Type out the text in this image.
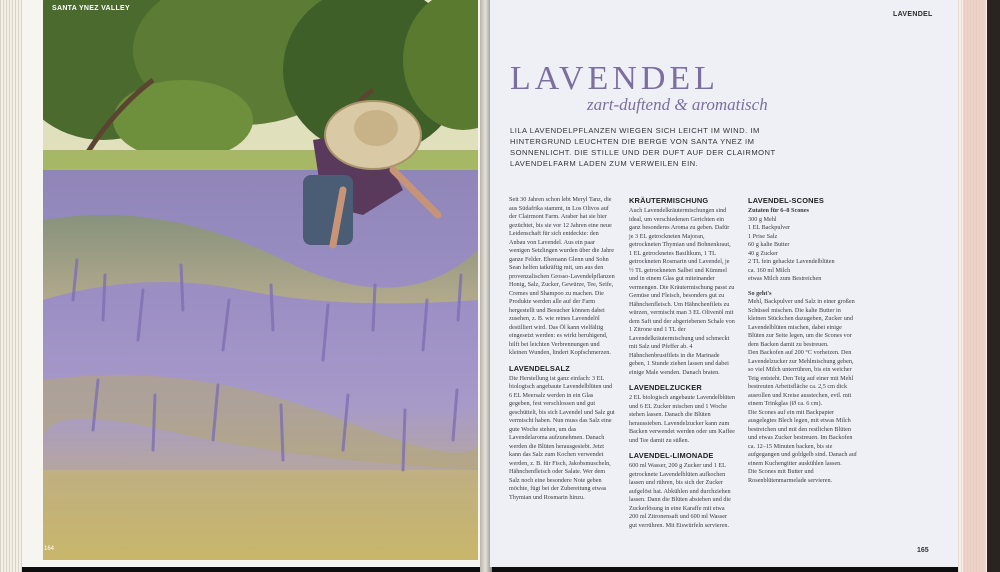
SANTA YNEZ VALLEY
164
LAVENDEL
LAVENDEL
zart-duftend & aromatisch

LILA LAVENDELPFLANZEN WIEGEN SICH LEICHT IM WIND. IM HINTERGRUND LEUCHTEN DIE BERGE VON SANTA YNEZ IM SONNENLICHT. DIE STILLE UND DER DUFT AUF DER CLAIRMONT LAVENDELFARM LADEN ZUM VERWEILEN EIN.

Seit 30 Jahren schon lebt Meryl Tanz, die aus Südafrika stammt, in Los Olivos auf der Clairmont Farm. Araber hat sie hier gezüchtet, bis sie vor 12 Jahren eine neue Leidenschaft für sich entdeckte: den Anbau von Lavendel. Aus ein paar wenigen Setzlingen wurden über die Jahre ganze Felder. Ehemann Glenn und Sohn Sean helfen tatkräftig mit, um aus den provenzalischen Grosso-Lavendelpflanzen Honig, Salz, Zucker, Gewürze, Tee, Seife, Cremes und Shampoo zu machen. Die Produkte werden alle auf der Farm hergestellt und Besucher können dabei zusehen, z. B. wie reines Lavendelöl destilliert wird. Das Öl kann vielfältig eingesetzt werden: es wirkt beruhigend, hilft bei leichten Verbrennungen und kleinen Wunden, lindert Kopfschmerzen.

LAVENDELSALZ

Die Herstellung ist ganz einfach: 3 EL biologisch angebaute Lavendelblüten und 6 EL Meersalz werden in ein Glas gegeben, fest verschlossen und gut geschüttelt, bis sich Lavendel und Salz gut vermischt haben. Nun muss das Salz eine gute Woche stehen, um das Lavendelaroma aufzunehmen. Danach werden die Blüten herausgesiebt. Jetzt kann das Salz zum Kochen verwendet werden, z. B. für Fisch, Jakobsmuscheln, Hähnchenfleisch oder Salate. Wer dem Salz noch eine besondere Note geben möchte, fügt bei der Zubereitung etwas Thymian und Rosmarin hinzu.

KRÄUTERMISCHUNG

Auch Lavendelkräutermischungen sind ideal, um verschiedenen Gerichten ein ganz besonderes Aroma zu geben. Dafür je 3 EL getrockneten Majoran, getrockneten Thymian und Bohnenkraut, 1 EL getrocknetes Basilikum, 1 TL getrockneten Rosmarin und Lavendel, je ½ TL getrockneten Salbei und Kümmel und in einem Glas gut miteinander vermengen. Die Kräutermischung passt zu Gemüse und Fleisch, besonders gut zu Hähnchenfleisch. Um Hähnchenfilets zu würzen, vermischt man 3 EL Olivenöl mit dem Saft und der abgeriebenen Schale von 1 Zitrone und 1 TL der Lavendelkräutermischung und schmeckt mit Salz und Pfeffer ab. 4 Hähnchenbrustfilets in die Marinade geben, 1 Stunde ziehen lassen und dabei einige Male wenden. Danach braten.

LAVENDELZUCKER

2 EL biologisch angebaute Lavendelblüten und 6 EL Zucker mischen und 1 Woche stehen lassen. Danach die Blüten heraussieben. Lavendelzucker kann zum Backen verwendet werden oder um Kaffee und Tee damit zu süßen.

LAVENDEL-LIMONADE

600 ml Wasser, 200 g Zucker und 1 EL getrocknete Lavendelblüten aufkochen lassen und rühren, bis sich der Zucker aufgelöst hat. Abkühlen und durchziehen lassen. Dann die Blüten absieben und die Zuckerlösung in eine Karaffe mit etwa 200 ml Zitronensaft und 600 ml Wasser gut verrühren. Mit Eiswürfeln servieren.

LAVENDEL-SCONES

Zutaten für 6–8 Scones

300 g Mehl

1 EL Backpulver

1 Prise Salz

60 g kalte Butter

40 g Zucker

2 TL fein gehackte Lavendelblüten

ca. 160 ml Milch

etwas Milch zum Bestreichen

So geht's

Mehl, Backpulver und Salz in einer großen Schüssel mischen. Die kalte Butter in kleinen Stückchen dazugeben, Zucker und Lavendelblüten mischen, dabei einige Blüten zur Seite legen, um die Scones vor dem Backen damit zu bestreuen.
Den Backofen auf 200 °C vorheizen. Den Lavendelzucker zur Mehlmischung geben, so viel Milch unterrühren, bis ein weicher Teig entsteht. Den Teig auf einer mit Mehl bestreuten Arbeitsfläche ca. 2,5 cm dick ausrollen und Kreise ausstechen, evtl. mit einem Trinkglas (Ø ca. 6 cm).
Die Scones auf ein mit Backpapier ausgelegtes Blech legen, mit etwas Milch bestreichen und mit den restlichen Blüten und etwas Zucker bestreuen. Im Backofen ca. 12–15 Minuten backen, bis sie aufgegangen und goldgelb sind. Danach auf einem Kuchengitter auskühlen lassen.
Die Scones mit Butter und Rosenblütenmarmelade servieren.

165
